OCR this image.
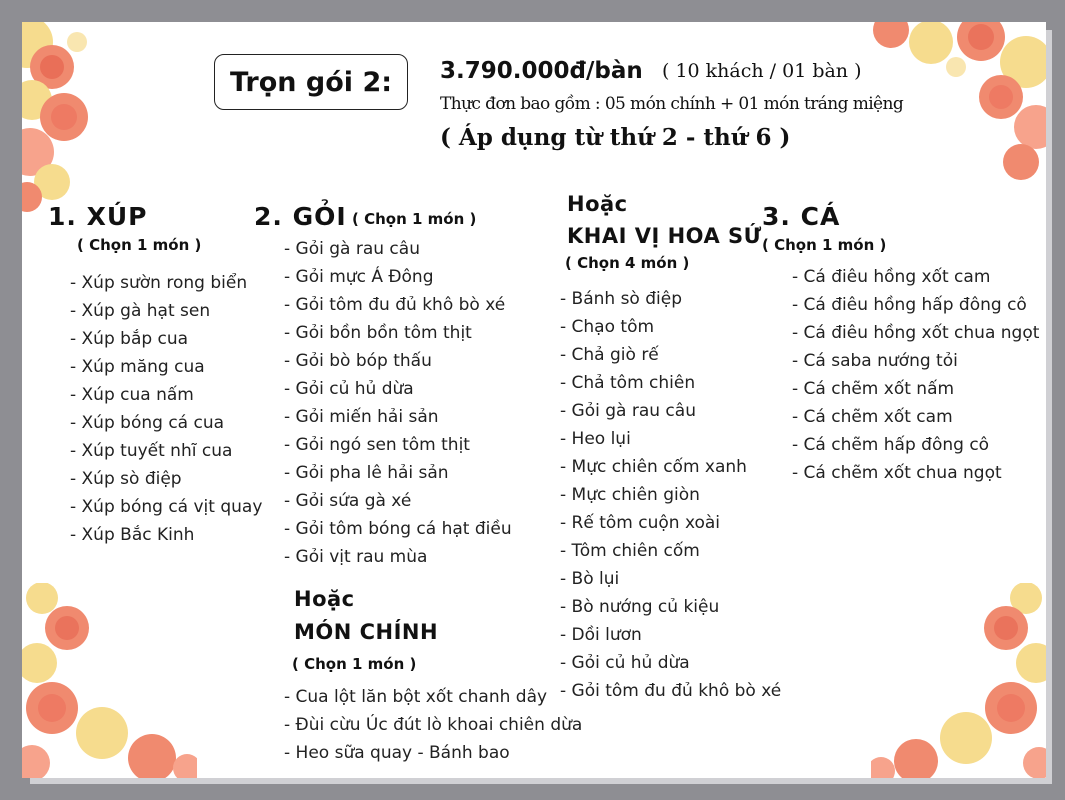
Trọn gói 2:	3.790.000đ/bàn ( 10 khách / 01 bàn )
Thực đơn bao gồm : 05 món chính + 01 món tráng miệng
( Áp dụng từ thứ 2 - thứ 6 )
1. XÚP
( Chọn 1 món )
- Xúp sườn rong biển
- Xúp gà hạt sen
- Xúp bắp cua
- Xúp măng cua
- Xúp cua nấm
- Xúp bóng cá cua
- Xúp tuyết nhĩ cua
- Xúp sò điệp
- Xúp bóng cá vịt quay
- Xúp Bắc Kinh
2. GỎI ( Chọn 1 món )
- Gỏi gà rau câu
- Gỏi mực Á Đông
- Gỏi tôm đu đủ khô bò xé
- Gỏi bồn bồn tôm thịt
- Gỏi bò bóp thấu
- Gỏi củ hủ dừa
- Gỏi miến hải sản
- Gỏi ngó sen tôm thịt
- Gỏi pha lê hải sản
- Gỏi sứa gà xé
- Gỏi tôm bóng cá hạt điều
- Gỏi vịt rau mùa
Hoặc
MÓN CHÍNH
( Chọn 1 món )
- Cua lột lăn bột xốt chanh dây
- Đùi cừu Úc đút lò khoai chiên dừa
- Heo sữa quay - Bánh bao
Hoặc
KHAI VỊ HOA SỨ
( Chọn 4 món )
- Bánh sò điệp
- Chạo tôm
- Chả giò rế
- Chả tôm chiên
- Gỏi gà rau câu
- Heo lụi
- Mực chiên cốm xanh
- Mực chiên giòn
- Rế tôm cuộn xoài
- Tôm chiên cốm
- Bò lụi
- Bò nướng củ kiệu
- Dồi lươn
- Gỏi củ hủ dừa
- Gỏi tôm đu đủ khô bò xé
3. CÁ
( Chọn 1 món )
- Cá điêu hồng xốt cam
- Cá điêu hồng hấp đông cô
- Cá điêu hồng xốt chua ngọt
- Cá saba nướng tỏi
- Cá chẽm xốt nấm
- Cá chẽm xốt cam
- Cá chẽm hấp đông cô
- Cá chẽm xốt chua ngọt
